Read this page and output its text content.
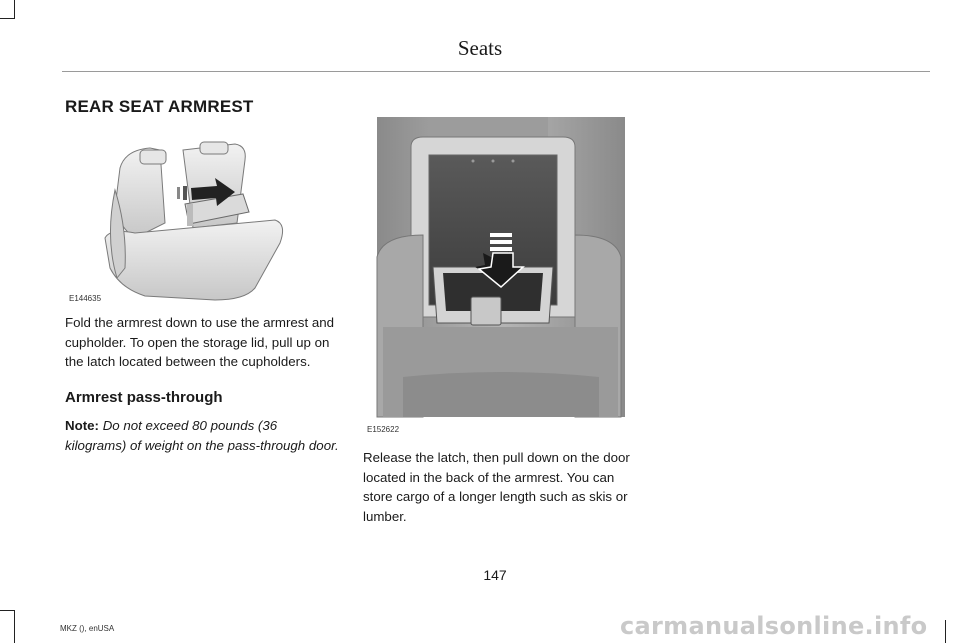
Seats
REAR SEAT ARMREST
E144635
Fold the armrest down to use the armrest and cupholder. To open the storage lid, pull up on the latch located between the cupholders.
Armrest pass-through
Note: Do not exceed 80 pounds (36 kilograms) of weight on the pass-through door.
E152622
Release the latch, then pull down on the door located in the back of the armrest. You can store cargo of a longer length such as skis or lumber.
147
MKZ (), enUSA	carmanualsonline.info
